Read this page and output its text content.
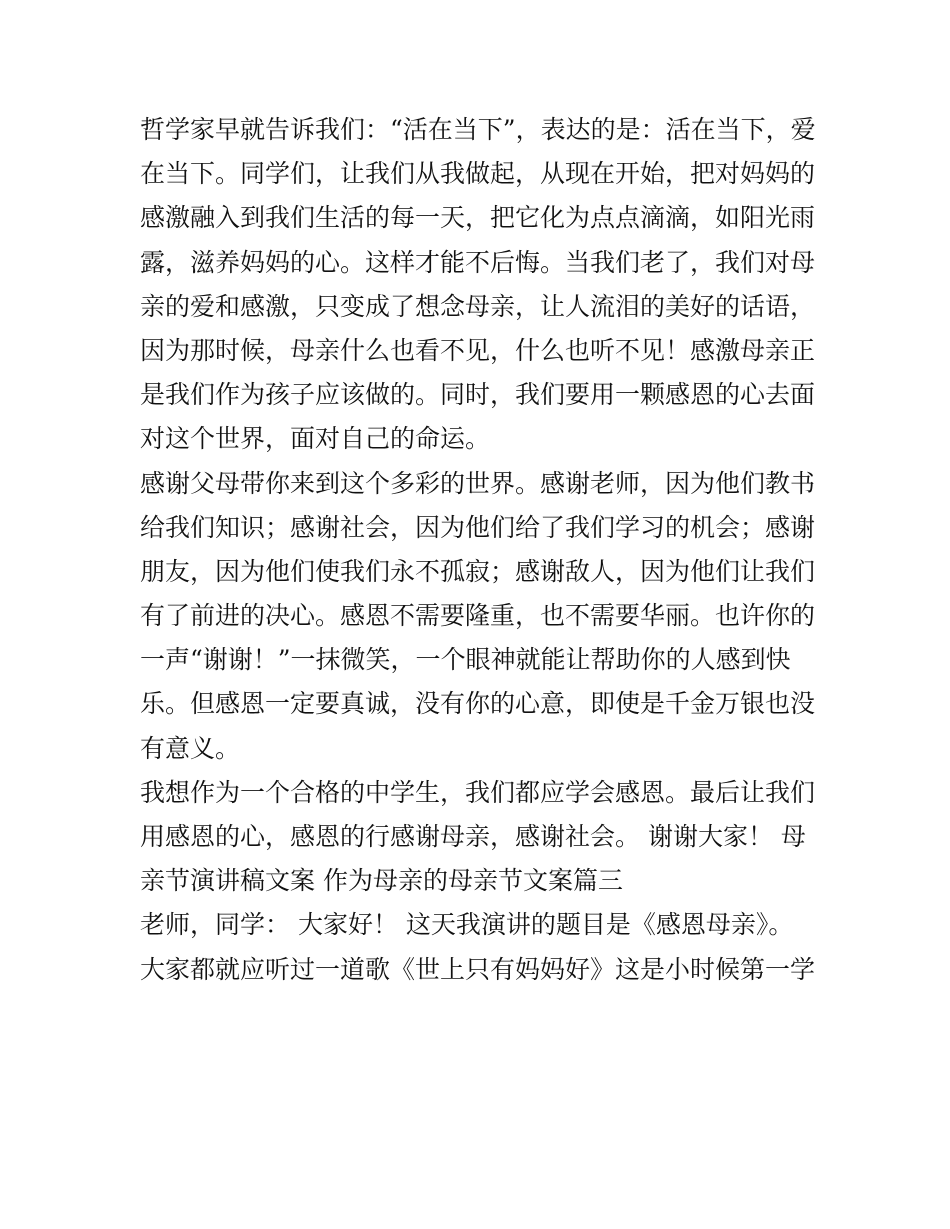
哲学家早就告诉我们：“活在当下”，表达的是：活在当下，爱
在当下。同学们，让我们从我做起，从现在开始，把对妈妈的
感激融入到我们生活的每一天，把它化为点点滴滴，如阳光雨
露，滋养妈妈的心。这样才能不后悔。当我们老了，我们对母
亲的爱和感激，只变成了想念母亲，让人流泪的美好的话语，
因为那时候，母亲什么也看不见，什么也听不见！感激母亲正
是我们作为孩子应该做的。同时，我们要用一颗感恩的心去面
对这个世界，面对自己的命运。
感谢父母带你来到这个多彩的世界。感谢老师，因为他们教书
给我们知识；感谢社会，因为他们给了我们学习的机会；感谢
朋友，因为他们使我们永不孤寂；感谢敌人，因为他们让我们
有了前进的决心。感恩不需要隆重，也不需要华丽。也许你的
一声“谢谢！”一抹微笑，一个眼神就能让帮助你的人感到快
乐。但感恩一定要真诚，没有你的心意，即使是千金万银也没
有意义。
我想作为一个合格的中学生，我们都应学会感恩。最后让我们
用感恩的心，感恩的行感谢母亲，感谢社会。 谢谢大家！ 母
亲节演讲稿文案 作为母亲的母亲节文案篇三
老师，同学： 大家好！ 这天我演讲的题目是《感恩母亲》。
大家都就应听过一道歌《世上只有妈妈好》这是小时候第一学
